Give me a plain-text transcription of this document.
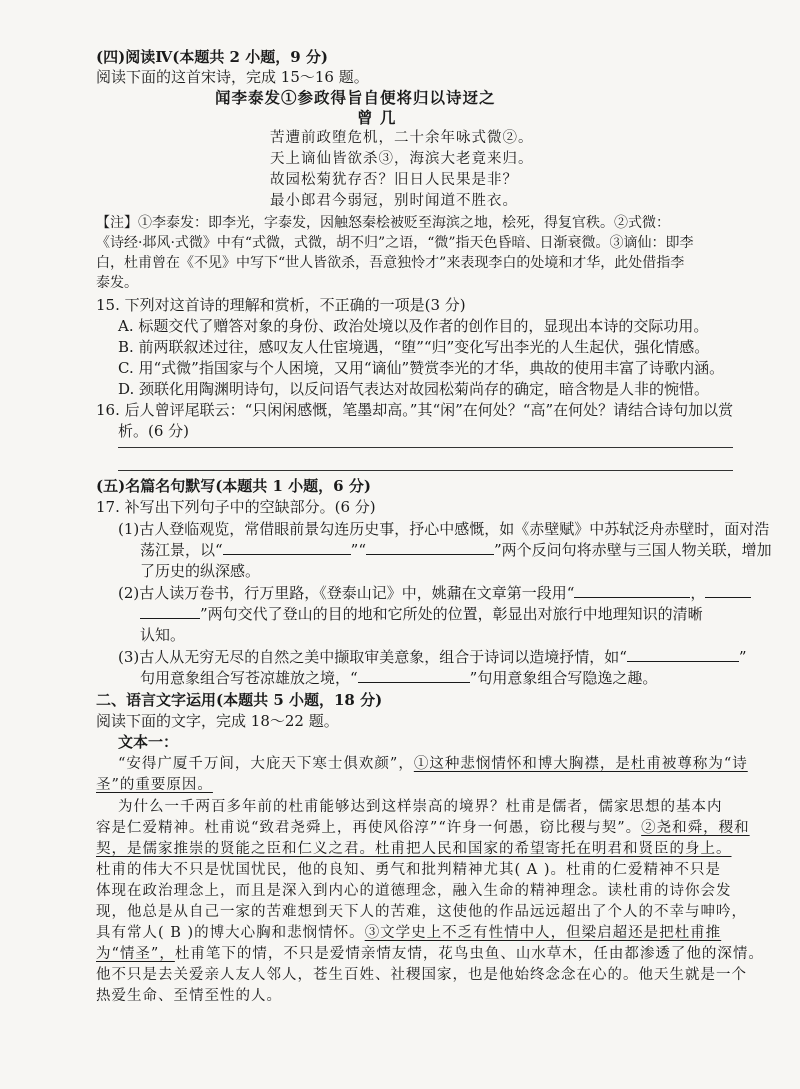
(四)阅读Ⅳ(本题共 2 小题，9 分)
阅读下面的这首宋诗，完成 15～16 题。
闻李泰发①参政得旨自便将归以诗迓之
曾 几
苦遭前政堕危机，二十余年咏式微②。
天上谪仙皆欲杀③，海滨大老竟来归。
故园松菊犹存否？旧日人民果是非？
最小郎君今弱冠，别时闻道不胜衣。
【注】①李泰发：即李光，字泰发，因触怒秦桧被贬至海滨之地，桧死，得复官秩。②式微：
《诗经·邶风·式微》中有“式微，式微，胡不归”之语，“微”指天色昏暗、日渐衰微。③谪仙：即李
白，杜甫曾在《不见》中写下“世人皆欲杀，吾意独怜才”来表现李白的处境和才华，此处借指李
泰发。
15. 下列对这首诗的理解和赏析，不正确的一项是(3 分)
A. 标题交代了赠答对象的身份、政治处境以及作者的创作目的，显现出本诗的交际功用。
B. 前两联叙述过往，感叹友人仕宦境遇，“堕”“归”变化写出李光的人生起伏，强化情感。
C. 用“式微”指国家与个人困境，又用“谪仙”赞赏李光的才华，典故的使用丰富了诗歌内涵。
D. 颈联化用陶渊明诗句，以反问语气表达对故园松菊尚存的确定，暗含物是人非的惋惜。
16. 后人曾评尾联云：“只闲闲感慨，笔墨却高。”其“闲”在何处？“高”在何处？请结合诗句加以赏
析。(6 分)
(五)名篇名句默写(本题共 1 小题，6 分)
17. 补写出下列句子中的空缺部分。(6 分)
(1)古人登临观览，常借眼前景勾连历史事，抒心中感慨，如《赤壁赋》中苏轼泛舟赤壁时，面对浩
荡江景，以“	”“	”两个反问句将赤壁与三国人物关联，增加
了历史的纵深感。
(2)古人读万卷书，行万里路，《登泰山记》中，姚鼐在文章第一段用“	，
”两句交代了登山的目的地和它所处的位置，彰显出对旅行中地理知识的清晰
认知。
(3)古人从无穷无尽的自然之美中撷取审美意象，组合于诗词以造境抒情，如“	”
句用意象组合写苍凉雄放之境，“	”句用意象组合写隐逸之趣。
二、语言文字运用(本题共 5 小题，18 分)
阅读下面的文字，完成 18～22 题。
文本一：
“安得广厦千万间，大庇天下寒士俱欢颜”，①这种悲悯情怀和博大胸襟，是杜甫被尊称为“诗
圣”的重要原因。
为什么一千两百多年前的杜甫能够达到这样崇高的境界？杜甫是儒者，儒家思想的基本内
容是仁爱精神。杜甫说“致君尧舜上，再使风俗淳”“许身一何愚，窃比稷与契”。②尧和舜，稷和
契，是儒家推崇的贤能之臣和仁义之君。杜甫把人民和国家的希望寄托在明君和贤臣的身上。
杜甫的伟大不只是忧国忧民，他的良知、勇气和批判精神尤其( A )。杜甫的仁爱精神不只是
体现在政治理念上，而且是深入到内心的道德理念，融入生命的精神理念。读杜甫的诗你会发
现，他总是从自己一家的苦难想到天下人的苦难，这使他的作品远远超出了个人的不幸与呻吟，
具有常人( B )的博大心胸和悲悯情怀。③文学史上不乏有性情中人，但梁启超还是把杜甫推
为“情圣”，杜甫笔下的情，不只是爱情亲情友情，花鸟虫鱼、山水草木，任由都渗透了他的深情。
他不只是去关爱亲人友人邻人，苍生百姓、社稷国家，也是他始终念念在心的。他天生就是一个
热爱生命、至情至性的人。
